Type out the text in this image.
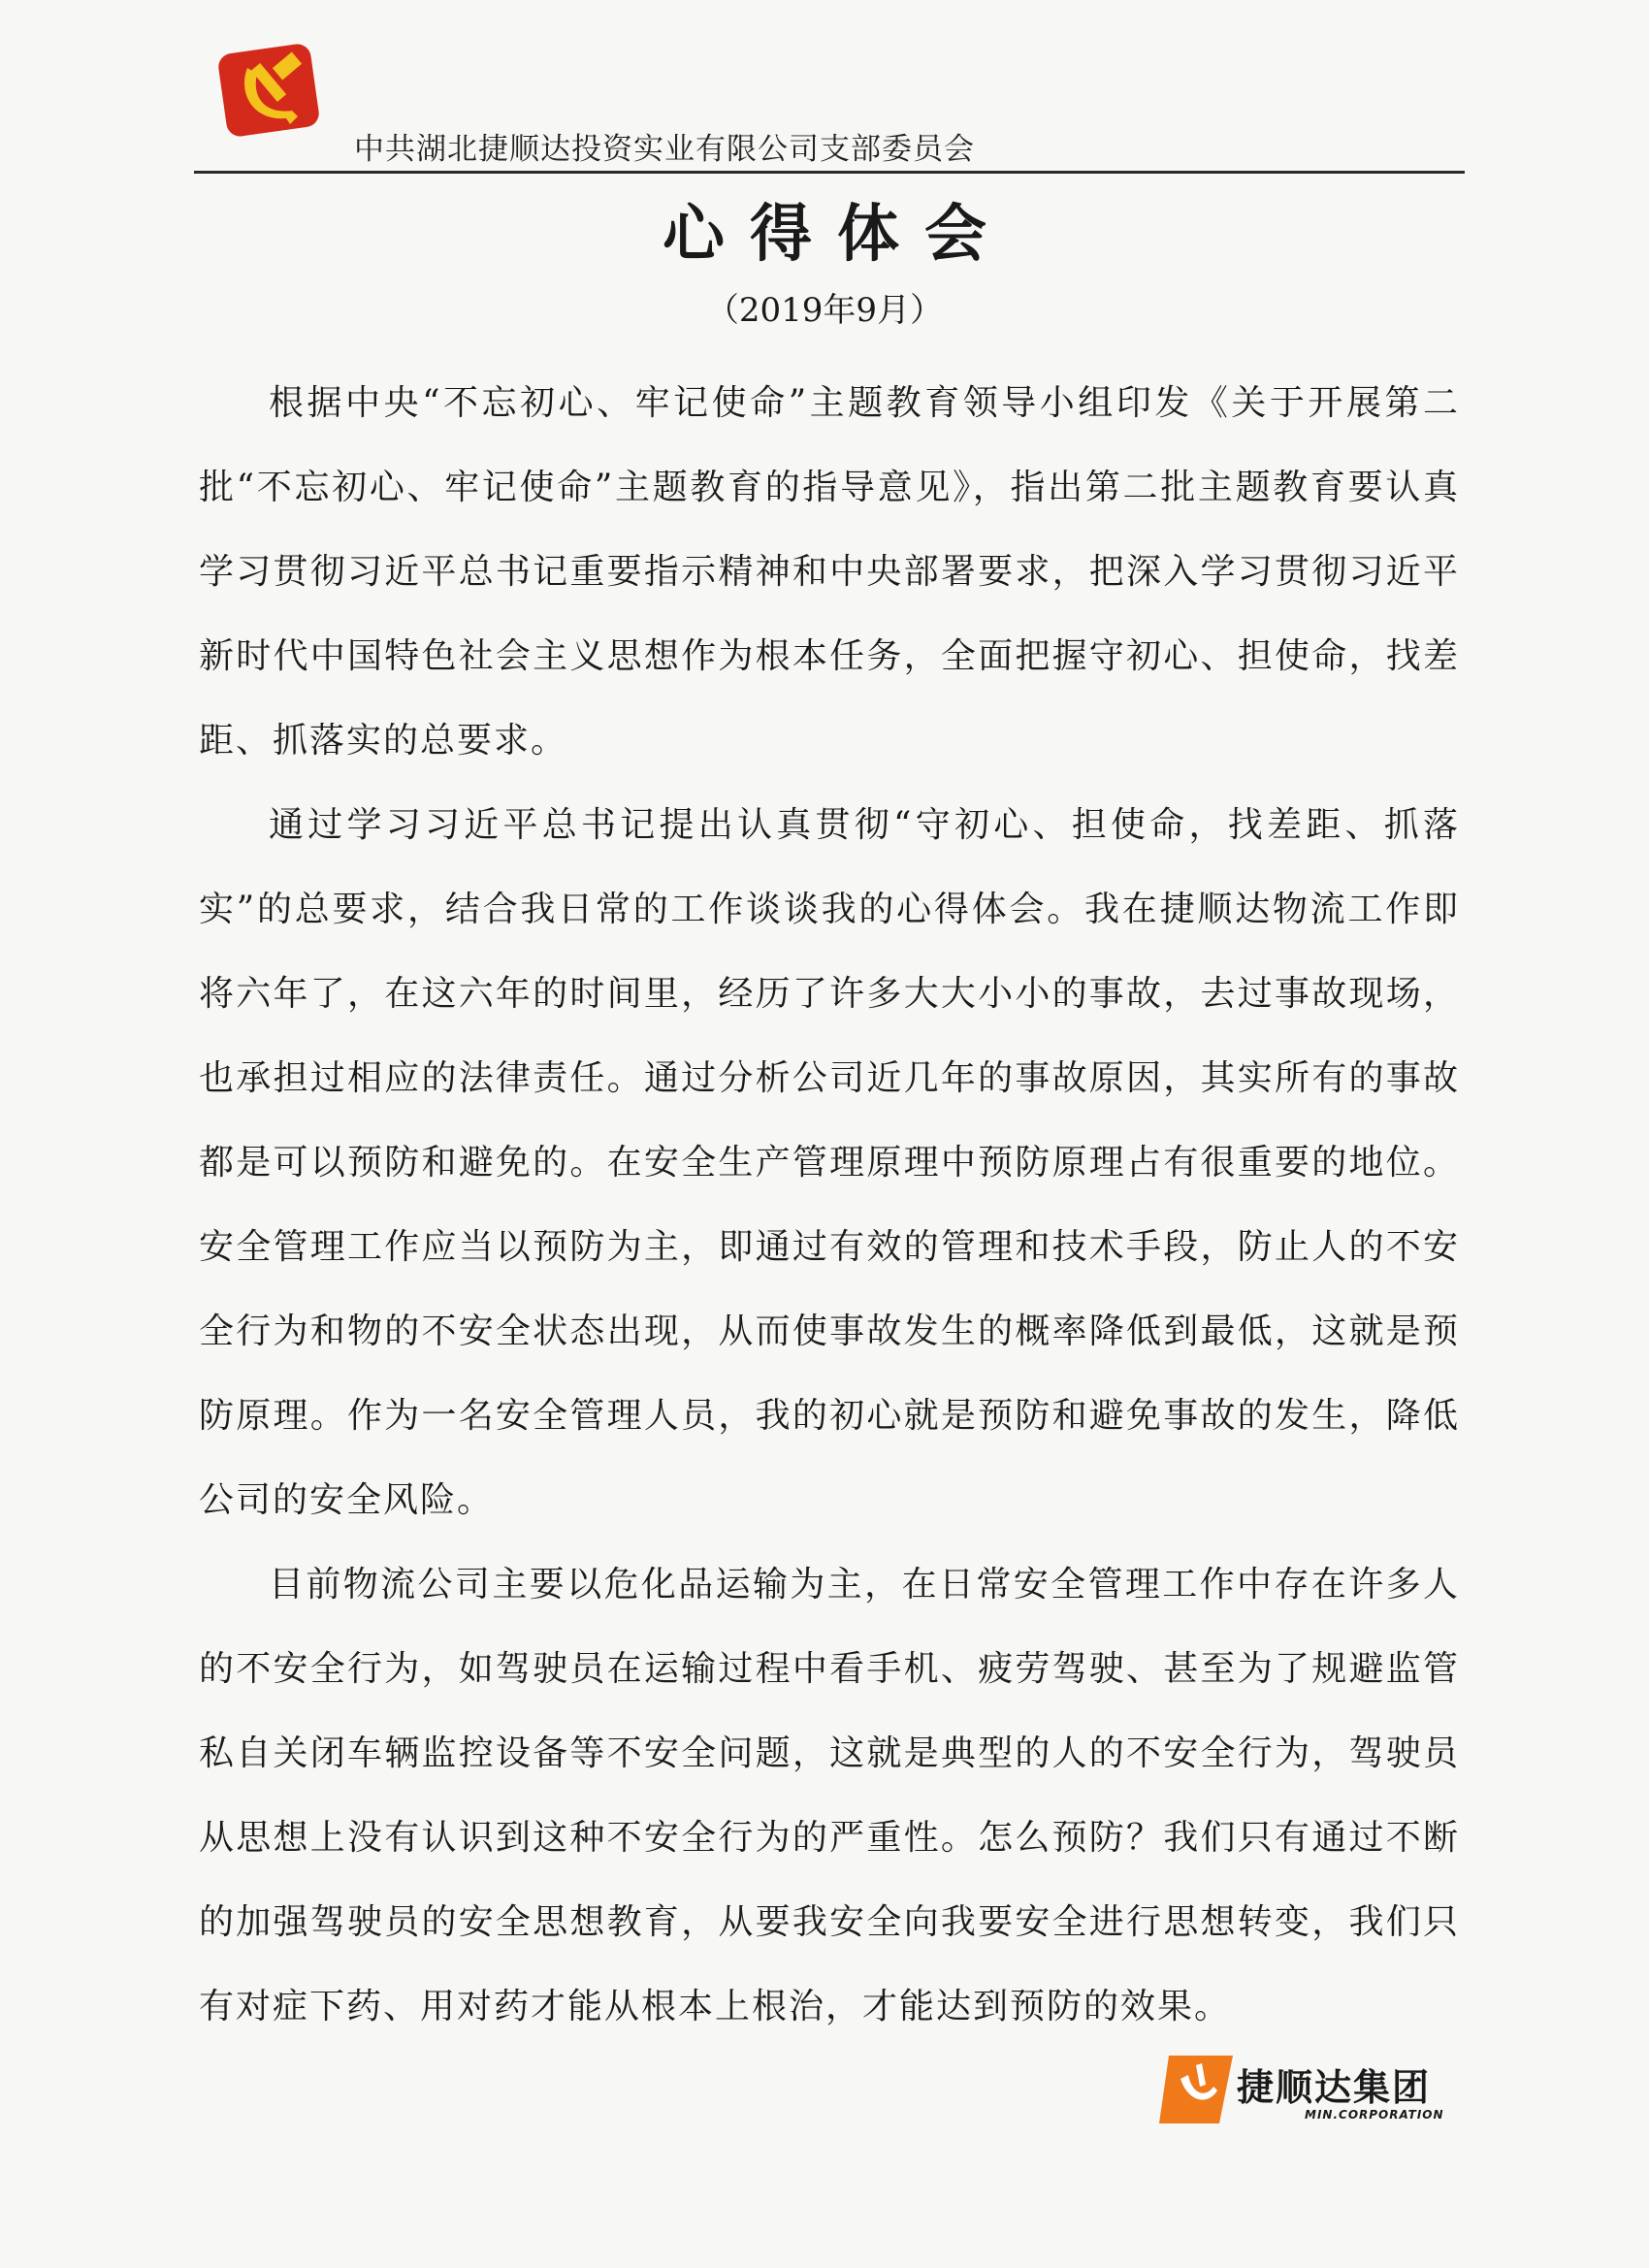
中共湖北捷顺达投资实业有限公司支部委员会
心得体会
（2019年9月）

根据中央“不忘初心、牢记使命”主题教育领导小组印发《关于开展第二批“不忘初心、牢记使命”主题教育的指导意见》，指出第二批主题教育要认真学习贯彻习近平总书记重要指示精神和中央部署要求，把深入学习贯彻习近平新时代中国特色社会主义思想作为根本任务，全面把握守初心、担使命，找差距、抓落实的总要求。

通过学习习近平总书记提出认真贯彻“守初心、担使命，找差距、抓落实”的总要求，结合我日常的工作谈谈我的心得体会。我在捷顺达物流工作即将六年了，在这六年的时间里，经历了许多大大小小的事故，去过事故现场，也承担过相应的法律责任。通过分析公司近几年的事故原因，其实所有的事故都是可以预防和避免的。在安全生产管理原理中预防原理占有很重要的地位。安全管理工作应当以预防为主，即通过有效的管理和技术手段，防止人的不安全行为和物的不安全状态出现，从而使事故发生的概率降低到最低，这就是预防原理。作为一名安全管理人员，我的初心就是预防和避免事故的发生，降低公司的安全风险。

目前物流公司主要以危化品运输为主，在日常安全管理工作中存在许多人的不安全行为，如驾驶员在运输过程中看手机、疲劳驾驶、甚至为了规避监管私自关闭车辆监控设备等不安全问题，这就是典型的人的不安全行为，驾驶员从思想上没有认识到这种不安全行为的严重性。怎么预防？我们只有通过不断的加强驾驶员的安全思想教育，从要我安全向我要安全进行思想转变，我们只有对症下药、用对药才能从根本上根治，才能达到预防的效果。

捷顺达集团
MIN.CORPORATION
